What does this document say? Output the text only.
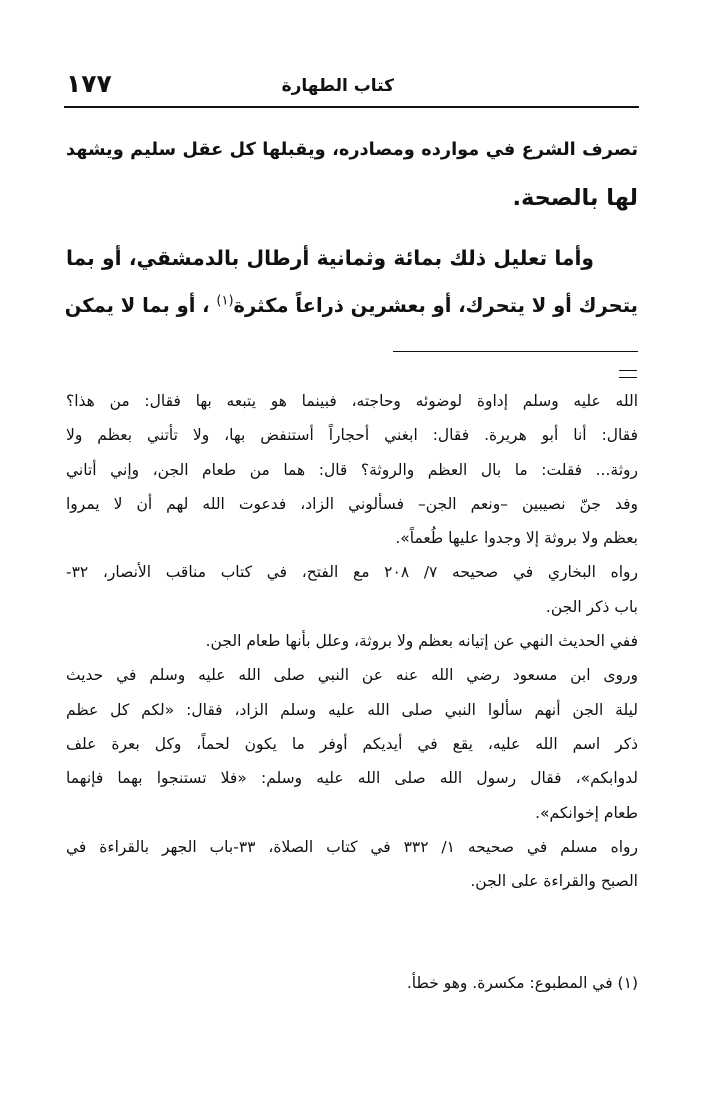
كتاب الطهارة
١٧٧
تصرف الشرع في موارده ومصادره، ويقبلها كل عقل سليم ويشهد
لها بالصحة.
وأما تعليل ذلك بمائة وثمانية أرطال بالدمشقي، أو بما
يتحرك أو لا يتحرك، أو بعشرين ذراعاً مكثرة$^{(١)}$ ، أو بما لا يمكن
الله عليه وسلم إداوة لوضوئه وحاجته، فبينما هو يتبعه بها فقال: من هذا؟
فقال: أنا أبو هريرة. فقال: ابغني أحجاراً أستنفض بها، ولا تأتني بعظم ولا
روثة... فقلت: ما بال العظم والروثة؟ قال: هما من طعام الجن، وإني أتاني
وفد جنّ نصيبين –ونعم الجن– فسألوني الزاد، فدعوت الله لهم أن لا يمروا
بعظم ولا بروثة إلا وجدوا عليها طُعماً».
رواه البخاري في صحيحه ٧/ ٢٠٨ مع الفتح، في كتاب مناقب الأنصار، ٣٢-
باب ذكر الجن.
ففي الحديث النهي عن إتيانه بعظم ولا بروثة، وعلل بأنها طعام الجن.
وروى ابن مسعود رضي الله عنه عن النبي صلى الله عليه وسلم في حديث
ليلة الجن أنهم سألوا النبي صلى الله عليه وسلم الزاد، فقال: «لكم كل عظم
ذكر اسم الله عليه، يقع في أيديكم أوفر ما يكون لحماً، وكل بعرة علف
لدوابكم»، فقال رسول الله صلى الله عليه وسلم: «فلا تستنجوا بهما فإنهما
طعام إخوانكم».
رواه مسلم في صحيحه ١/ ٣٣٢ في كتاب الصلاة، ٣٣-باب الجهر بالقراءة في
الصبح والقراءة على الجن.
(١) في المطبوع: مكسرة. وهو خطأ.
